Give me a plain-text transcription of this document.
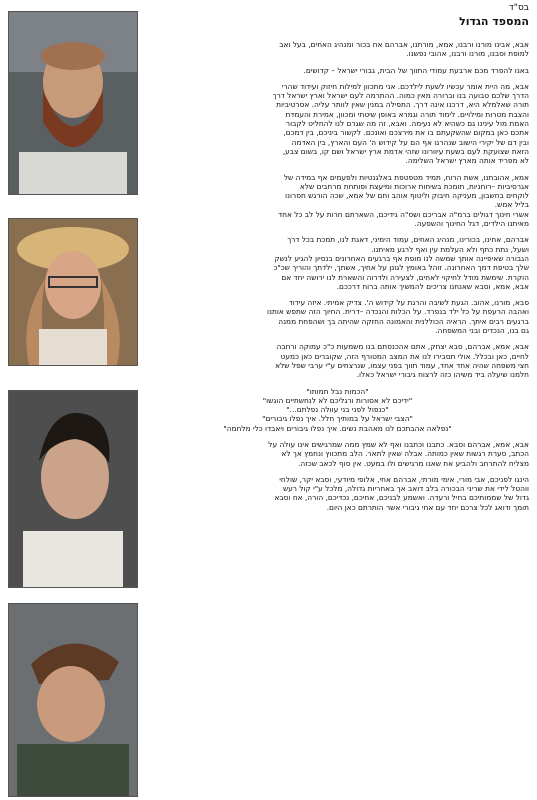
בס"ד
המספד הגדול
אבא, אבינו מורנו ורבנו, אמא, מורתנו, אברהם אח בכור ומנהיג האחים, בעל ואב
למופת וסבנו, מורנו ורבנו, אהובי נפשנו.
באנו להפרד מכם ארבעת עמודי התווך של הבית, גבורי ישראל – קדושים.
אבא, מה היית אומר עכשיו לשעת לילדכם. אני מתכוון למילות חיזוק ועידוד שהרי
הדרך שלכם טבועה בנו וברורה מאין כמוה. ההתרמה לעם ישראל וארץ ישראל דרך
תורה שאלמלא היא, דרכנו אינה דרך. התפילה במנין שאין לוותר עליה. אסרטיביות
והצבת מטרות ומילויים. לימוד תורה וגמרא באופן שיטתי ומכוון, אמירת והעמדת
האמת מול עינינו גם כשהיא לא נעימה. ואבא, זה מה שגרם לנו להחליט לקבור
אתכם כאן במקום שהשקעתם בו את מירצכם ואונכם. לקשור ביניכם, בין דמכם,
ובין דם של יקירי הישוב שנהרגו אף הם על קידוש ה' העם והארץ, בין האדמה
הזאת שצועקת לעם בשעת עיוורונו שזהי אדמת ארץ ישראל ושם קו, בשום צבע,
לא מפריד אותה מארץ ישראל השלימה.
אמא, אהובתנו, אשת הרוח, תמיד מטפטפת באלגנטיות ולפעמים אף במידה של
אגרסיביות –רוחניות, תומכת בשיחות ארוכות ומיעצת ופותחת מרחבים שלא
לוקחים בחשבון, מעניקה חיבוק וליטוף אוהב וחם של אמא, שכה הורגש חסרונו
בליל אמש.
אשרי חינוך דגולים ברמ"ה אבריכם ושס"ה גידיכם, השארתם חרות על לב כל אחד
מאיתנו הילדים, דגל החינוך והשפעה.
אברהם, אחינו, בכורינו, מנהיג האחים, עמוד הימיני, דאגת לנו, תמכת בכל דרך
ושעל, נתת כתף ולא העלמת עין ואף לרגע מאיתנו.
הגבורה שאיפיינה אותך שמשה לנו מופת אף ברגעים האחרונים בנסיון להגיע לנשק
שלך בטיפת דמך האחרונה. זוהל באומץ לגונן על אחיך, אשתך, ילדתך והוריך שכ"כ
הוקרת. שימשת מודל לחיקוי לאחים, לצעירה ולדרוה והשארת לנו ירושה יחד אם
אבא, אמא, וסבא שאנחנו צריכים להמשיך אותה ברוח דרככם.
סבא, מורנו, אהוב. הגעת לשיבה והרגת על קידוש ה'. צדיק אמיתי. איזה עידוד
ואהבה הרעפת על כל ילד בנפרד. על הכלות והנכדה –דרית. החיוך הזה שתפש אותנו
ברגעים רבים איתך. הראיה הכוללנית והאמונה החזקה שהיתה בך ושהפחת ממנה
גם בנו, הנכדים ובני המשפחה.
אבא, אמא, אברהם, סבא יצחק, אתם אהכנסתם בנו משמעות כ"כ עמוקה ורחבה
לחיים, כאן ובכלל. אולי תסבירו לנו את המצב המטורף הזה, שקוברים כאן כמעט
חצי משפחה שהיה אחד אחד, עמוד תווך בפני עצמו, שנרצחים ע"י ערבי שפל שלא
חלמנו שיעלה ביד משיהו כזה לרצוח גיבורי ישראל כאלו.
"הכמות נבל תמותו"
"ידיכם לא אסורות ורגליכם לא לנחשתיים הוגשו"
"כנפול לפני בני עוולה נפלתם..."
"הצבי ישראל על במותיך חלל. איך נפלו גיבורים"
"נפלאה אהבתכם לנו מאהבת נשים. איך נפלו גיבורים ויאבדו כלי מלחמה"
אבא, אמא, אברהם וסבא. כתבנו וכתבנו ואף לא שמץ ממה שמרגישים אינו עולה על
הכתב, סערת רגשות שאין כמותה. אבלה שאין לתאר. הלב מתכווץ ונחמץ אך לא
מצליח להתרחב ולהביע את שאנו מרגישים ולו במעט. אין סוף לכאב שכזה.
הינגו לפניכם, אבי מורי, אימי מורתי, אברהם אחי, אלופי מיודעי, וסבא יקר, שולחי
ווהטל לידי את שריני הבכורה בלב דואב אך באחריות גדולה, מלכל ע"י קול רעש
גדול של שממותיכם בחיל ורעדה. ואשמע לבניכם, אחיכם, נכדיכם, הורה, אח וסבא
תומך ודואג לכל צרכם יחד עם אחי גיבורי אשר הותרתם כאן היום.
